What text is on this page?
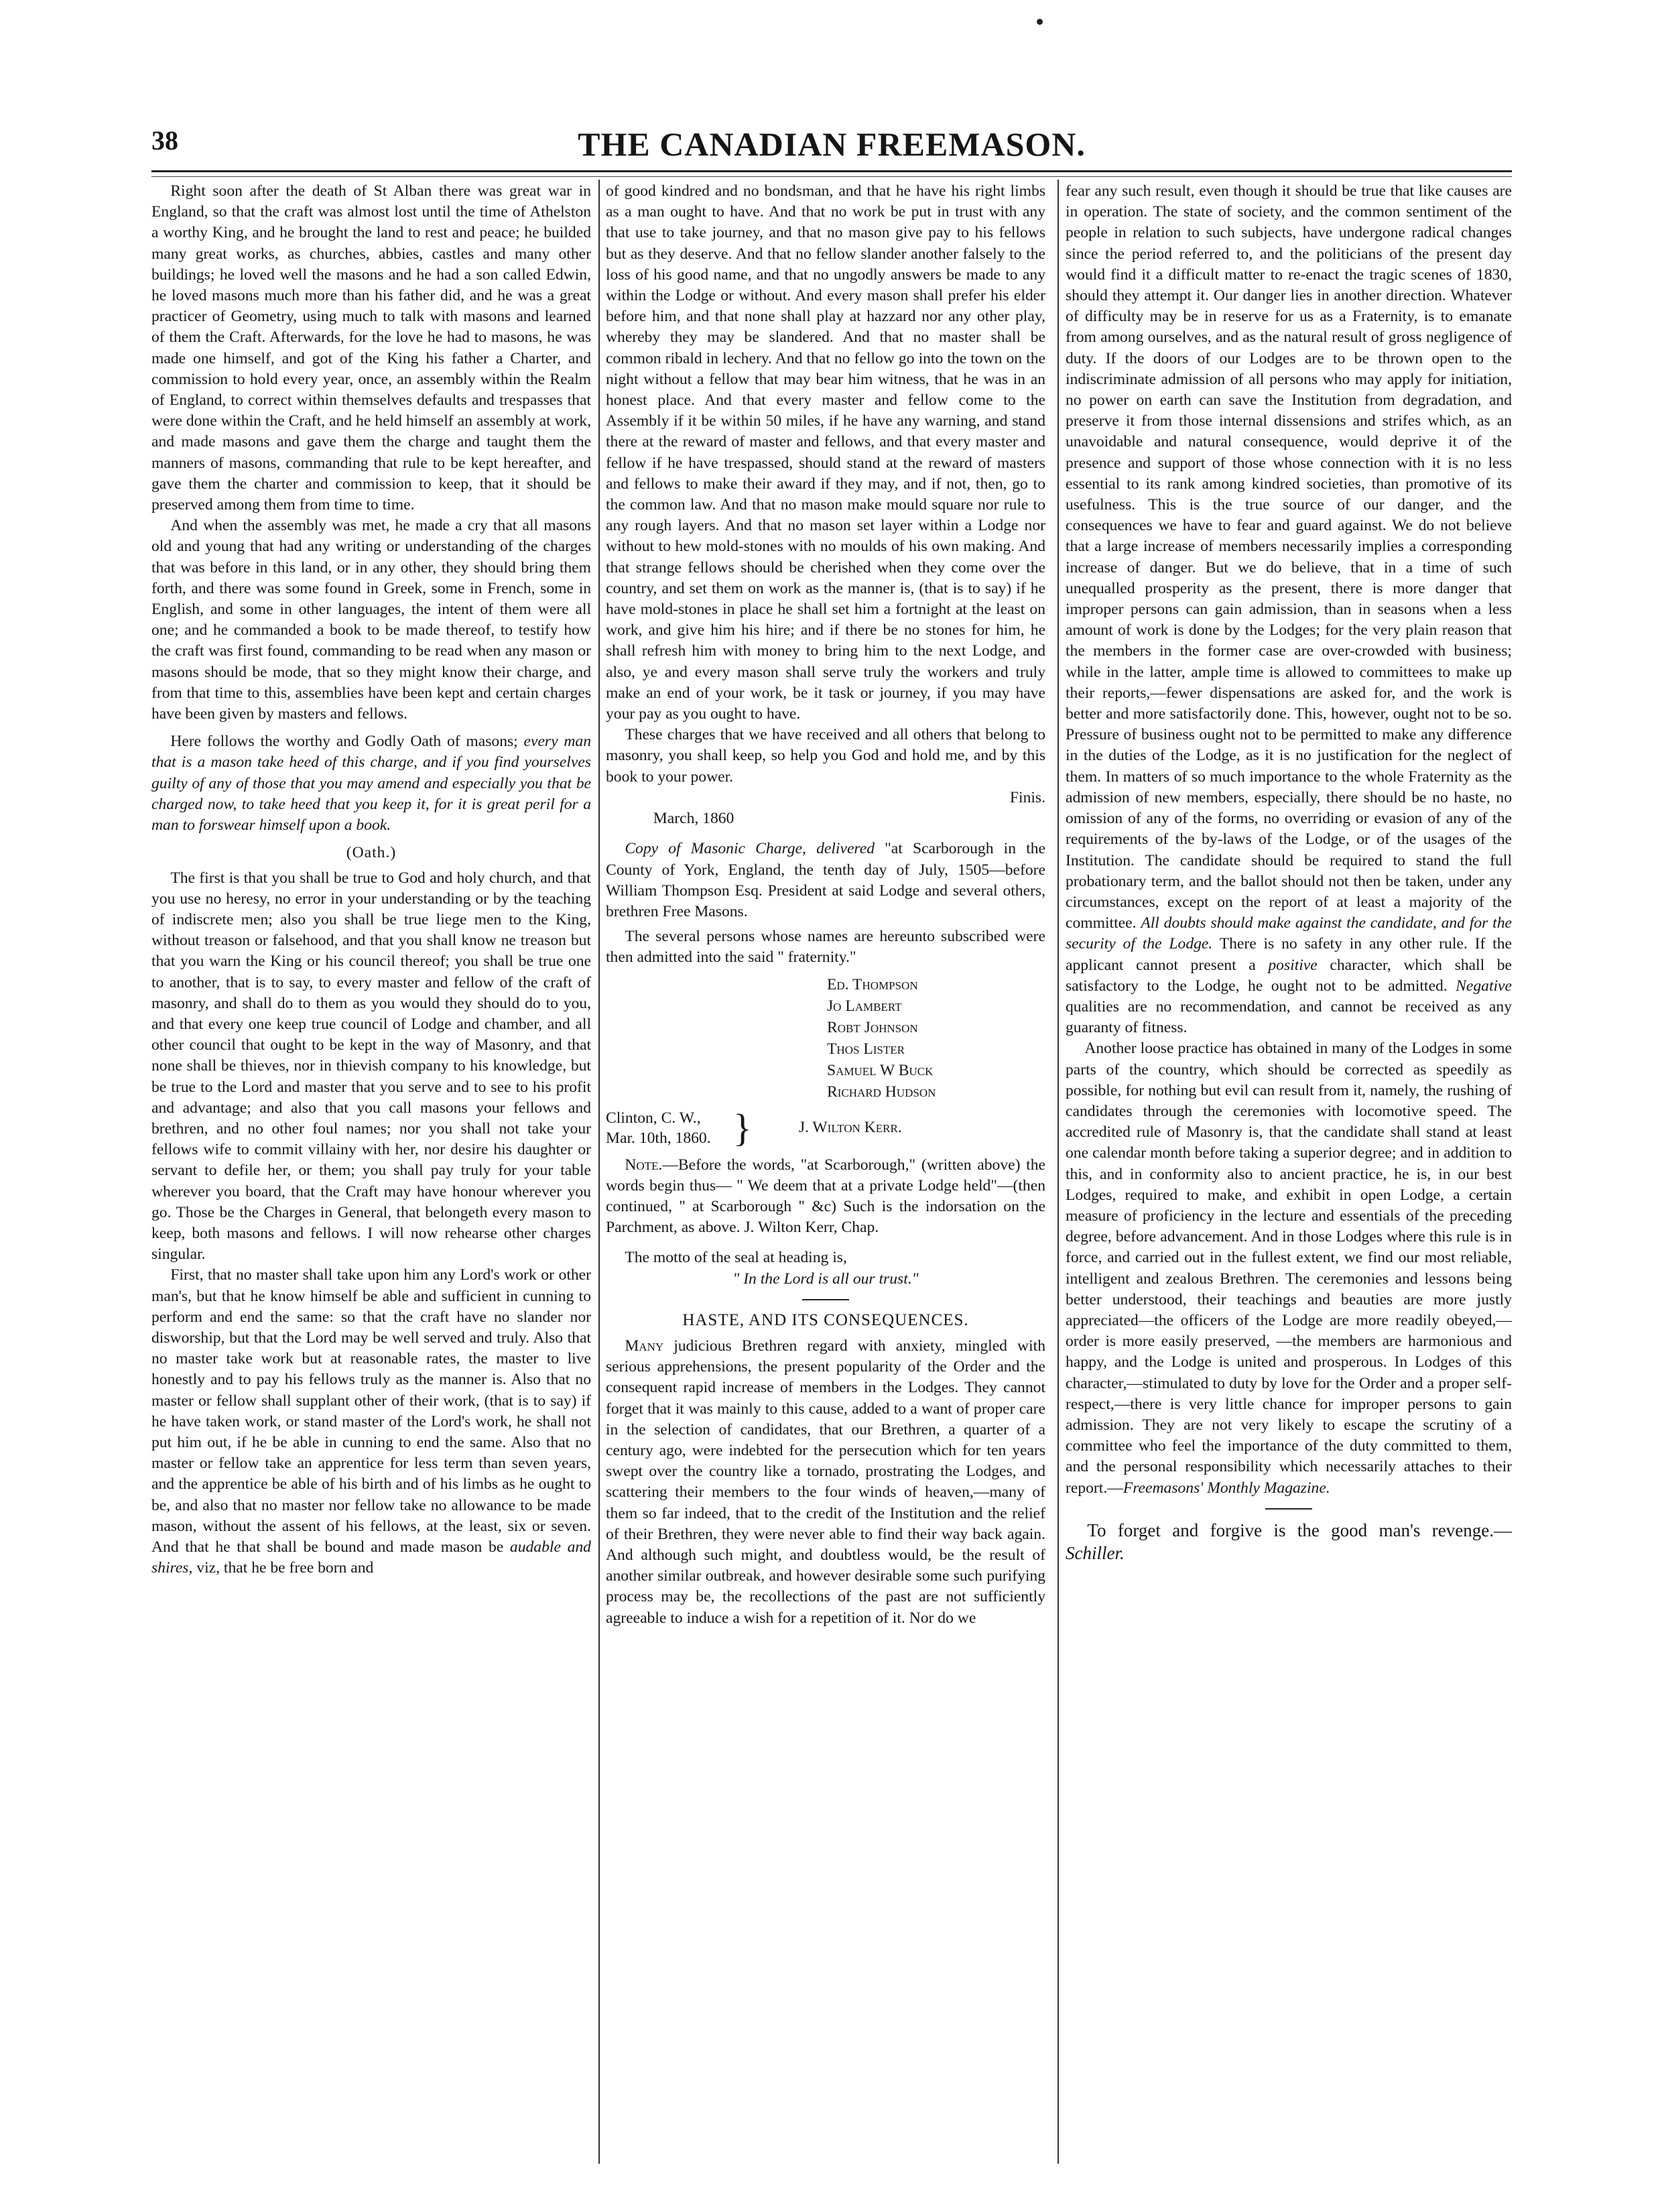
38	THE CANADIAN FREEMASON.

Right soon after the death of St Alban there was great war in England, so that the craft was almost lost until the time of Athelston a worthy King, and he brought the land to rest and peace; he builded many great works, as churches, abbies, castles and many other buildings; he loved well the masons and he had a son called Edwin, he loved masons much more than his father did, and he was a great practicer of Geometry, using much to talk with masons and learned of them the Craft. Afterwards, for the love he had to masons, he was made one himself, and got of the King his father a Charter, and commission to hold every year, once, an assembly within the Realm of England, to correct within themselves defaults and trespasses that were done within the Craft, and he held himself an assembly at work, and made masons and gave them the charge and taught them the manners of masons, commanding that rule to be kept hereafter, and gave them the charter and commission to keep, that it should be preserved among them from time to time.

And when the assembly was met, he made a cry that all masons old and young that had any writing or understanding of the charges that was before in this land, or in any other, they should bring them forth, and there was some found in Greek, some in French, some in English, and some in other languages, the intent of them were all one; and he commanded a book to be made thereof, to testify how the craft was first found, commanding to be read when any mason or masons should be mode, that so they might know their charge, and from that time to this, assemblies have been kept and certain charges have been given by masters and fellows.

Here follows the worthy and Godly Oath of masons; every man that is a mason take heed of this charge, and if you find yourselves guilty of any of those that you may amend and especially you that be charged now, to take heed that you keep it, for it is great peril for a man to forswear himself upon a book.

(Oath.)

The first is that you shall be true to God and holy church, and that you use no heresy, no error in your understanding or by the teaching of indiscrete men; also you shall be true liege men to the King, without treason or falsehood, and that you shall know ne treason but that you warn the King or his council thereof; you shall be true one to another, that is to say, to every master and fellow of the craft of masonry, and shall do to them as you would they should do to you, and that every one keep true council of Lodge and chamber, and all other council that ought to be kept in the way of Masonry, and that none shall be thieves, nor in thievish company to his knowledge, but be true to the Lord and master that you serve and to see to his profit and advantage; and also that you call masons your fellows and brethren, and no other foul names; nor you shall not take your fellows wife to commit villainy with her, nor desire his daughter or servant to defile her, or them; you shall pay truly for your table wherever you board, that the Craft may have honour wherever you go. Those be the Charges in General, that belongeth every mason to keep, both masons and fellows. I will now rehearse other charges singular.

First, that no master shall take upon him any Lord's work or other man's, but that he know himself be able and sufficient in cunning to perform and end the same: so that the craft have no slander nor disworship, but that the Lord may be well served and truly. Also that no master take work but at reasonable rates, the master to live honestly and to pay his fellows truly as the manner is. Also that no master or fellow shall supplant other of their work, (that is to say) if he have taken work, or stand master of the Lord's work, he shall not put him out, if he be able in cunning to end the same. Also that no master or fellow take an apprentice for less term than seven years, and the apprentice be able of his birth and of his limbs as he ought to be, and also that no master nor fellow take no allowance to be made mason, without the assent of his fellows, at the least, six or seven. And that he that shall be bound and made mason be audable and shires, viz, that he be free born and

of good kindred and no bondsman, and that he have his right limbs as a man ought to have. And that no work be put in trust with any that use to take journey, and that no mason give pay to his fellows but as they deserve. And that no fellow slander another falsely to the loss of his good name, and that no ungodly answers be made to any within the Lodge or without. And every mason shall prefer his elder before him, and that none shall play at hazzard nor any other play, whereby they may be slandered. And that no master shall be common ribald in lechery. And that no fellow go into the town on the night without a fellow that may bear him witness, that he was in an honest place. And that every master and fellow come to the Assembly if it be within 50 miles, if he have any warning, and stand there at the reward of master and fellows, and that every master and fellow if he have trespassed, should stand at the reward of masters and fellows to make their award if they may, and if not, then, go to the common law. And that no mason make mould square nor rule to any rough layers. And that no mason set layer within a Lodge nor without to hew mold-stones with no moulds of his own making. And that strange fellows should be cherished when they come over the country, and set them on work as the manner is, (that is to say) if he have mold-stones in place he shall set him a fortnight at the least on work, and give him his hire; and if there be no stones for him, he shall refresh him with money to bring him to the next Lodge, and also, ye and every mason shall serve truly the workers and truly make an end of your work, be it task or journey, if you may have your pay as you ought to have.

These charges that we have received and all others that belong to masonry, you shall keep, so help you God and hold me, and by this book to your power.

Finis.

March, 1860

Copy of Masonic Charge, delivered "at Scarborough in the County of York, England, the tenth day of July, 1505—before William Thompson Esq. President at said Lodge and several others, brethren Free Masons.

The several persons whose names are hereunto subscribed were then admitted into the said " fraternity."

Ed. Thompson
Jo Lambert
Robt Johnson
Thos Lister
Samuel W Buck
Richard Hudson
Clinton, C. W.,
Mar. 10th, 1860. }	J. Wilton Kerr.

Note.—Before the words, "at Scarborough," (written above) the words begin thus— " We deem that at a private Lodge held"—(then continued, " at Scarborough " &c) Such is the indorsation on the Parchment, as above. J. Wilton Kerr, Chap.

The motto of the seal at heading is,

" In the Lord is all our trust."
HASTE, AND ITS CONSEQUENCES.

Many judicious Brethren regard with anxiety, mingled with serious apprehensions, the present popularity of the Order and the consequent rapid increase of members in the Lodges. They cannot forget that it was mainly to this cause, added to a want of proper care in the selection of candidates, that our Brethren, a quarter of a century ago, were indebted for the persecution which for ten years swept over the country like a tornado, prostrating the Lodges, and scattering their members to the four winds of heaven,—many of them so far indeed, that to the credit of the Institution and the relief of their Brethren, they were never able to find their way back again. And although such might, and doubtless would, be the result of another similar outbreak, and however desirable some such purifying process may be, the recollections of the past are not sufficiently agreeable to induce a wish for a repetition of it. Nor do we

fear any such result, even though it should be true that like causes are in operation. The state of society, and the common sentiment of the people in relation to such subjects, have undergone radical changes since the period referred to, and the politicians of the present day would find it a difficult matter to re-enact the tragic scenes of 1830, should they attempt it. Our danger lies in another direction. Whatever of difficulty may be in reserve for us as a Fraternity, is to emanate from among ourselves, and as the natural result of gross negligence of duty. If the doors of our Lodges are to be thrown open to the indiscriminate admission of all persons who may apply for initiation, no power on earth can save the Institution from degradation, and preserve it from those internal dissensions and strifes which, as an unavoidable and natural consequence, would deprive it of the presence and support of those whose connection with it is no less essential to its rank among kindred societies, than promotive of its usefulness. This is the true source of our danger, and the consequences we have to fear and guard against. We do not believe that a large increase of members necessarily implies a corresponding increase of danger. But we do believe, that in a time of such unequalled prosperity as the present, there is more danger that improper persons can gain admission, than in seasons when a less amount of work is done by the Lodges; for the very plain reason that the members in the former case are over-crowded with business; while in the latter, ample time is allowed to committees to make up their reports,—fewer dispensations are asked for, and the work is better and more satisfactorily done. This, however, ought not to be so. Pressure of business ought not to be permitted to make any difference in the duties of the Lodge, as it is no justification for the neglect of them. In matters of so much importance to the whole Fraternity as the admission of new members, especially, there should be no haste, no omission of any of the forms, no overriding or evasion of any of the requirements of the by-laws of the Lodge, or of the usages of the Institution. The candidate should be required to stand the full probationary term, and the ballot should not then be taken, under any circumstances, except on the report of at least a majority of the committee. All doubts should make against the candidate, and for the security of the Lodge. There is no safety in any other rule. If the applicant cannot present a positive character, which shall be satisfactory to the Lodge, he ought not to be admitted. Negative qualities are no recommendation, and cannot be received as any guaranty of fitness.

Another loose practice has obtained in many of the Lodges in some parts of the country, which should be corrected as speedily as possible, for nothing but evil can result from it, namely, the rushing of candidates through the ceremonies with locomotive speed. The accredited rule of Masonry is, that the candidate shall stand at least one calendar month before taking a superior degree; and in addition to this, and in conformity also to ancient practice, he is, in our best Lodges, required to make, and exhibit in open Lodge, a certain measure of proficiency in the lecture and essentials of the preceding degree, before advancement. And in those Lodges where this rule is in force, and carried out in the fullest extent, we find our most reliable, intelligent and zealous Brethren. The ceremonies and lessons being better understood, their teachings and beauties are more justly appreciated—the officers of the Lodge are more readily obeyed,—order is more easily preserved, —the members are harmonious and happy, and the Lodge is united and prosperous. In Lodges of this character,—stimulated to duty by love for the Order and a proper self-respect,—there is very little chance for improper persons to gain admission. They are not very likely to escape the scrutiny of a committee who feel the importance of the duty committed to them, and the personal responsibility which necessarily attaches to their report.—Freemasons' Monthly Magazine.

To forget and forgive is the good man's revenge.—Schiller.
